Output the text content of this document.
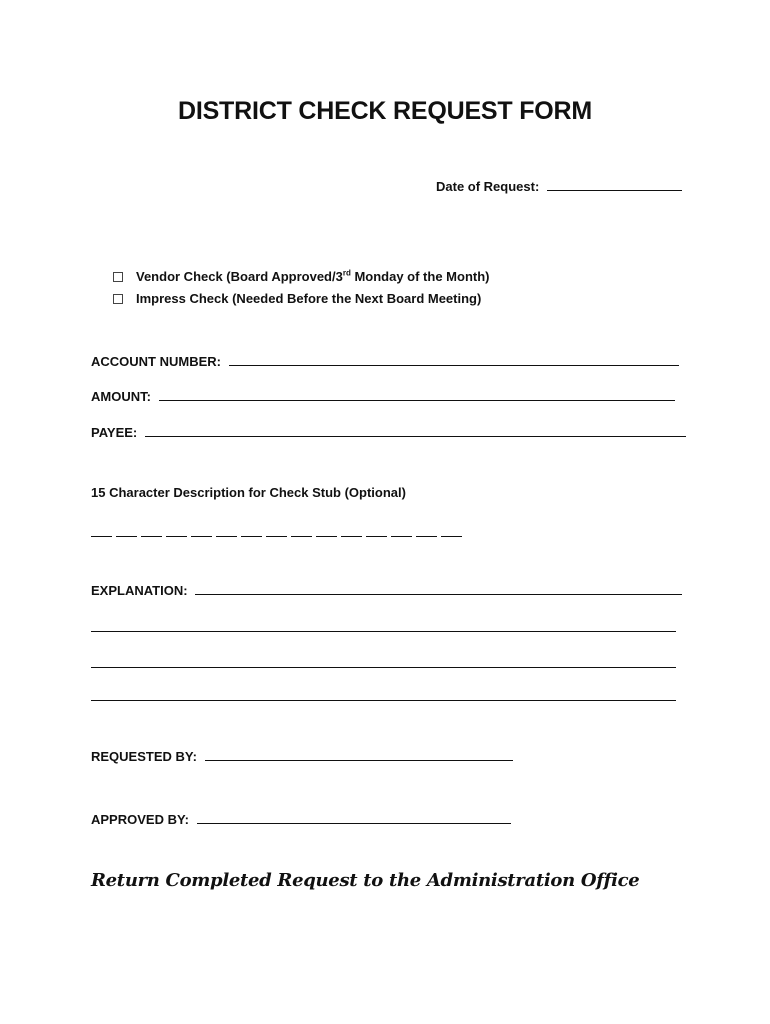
DISTRICT CHECK REQUEST FORM
Date of Request:
Vendor Check (Board Approved/3rd Monday of the Month)
Impress Check (Needed Before the Next Board Meeting)
ACCOUNT NUMBER:
AMOUNT:
PAYEE:
15 Character Description for Check Stub (Optional)
EXPLANATION:
REQUESTED BY:
APPROVED BY:
Return Completed Request to the Administration Office
